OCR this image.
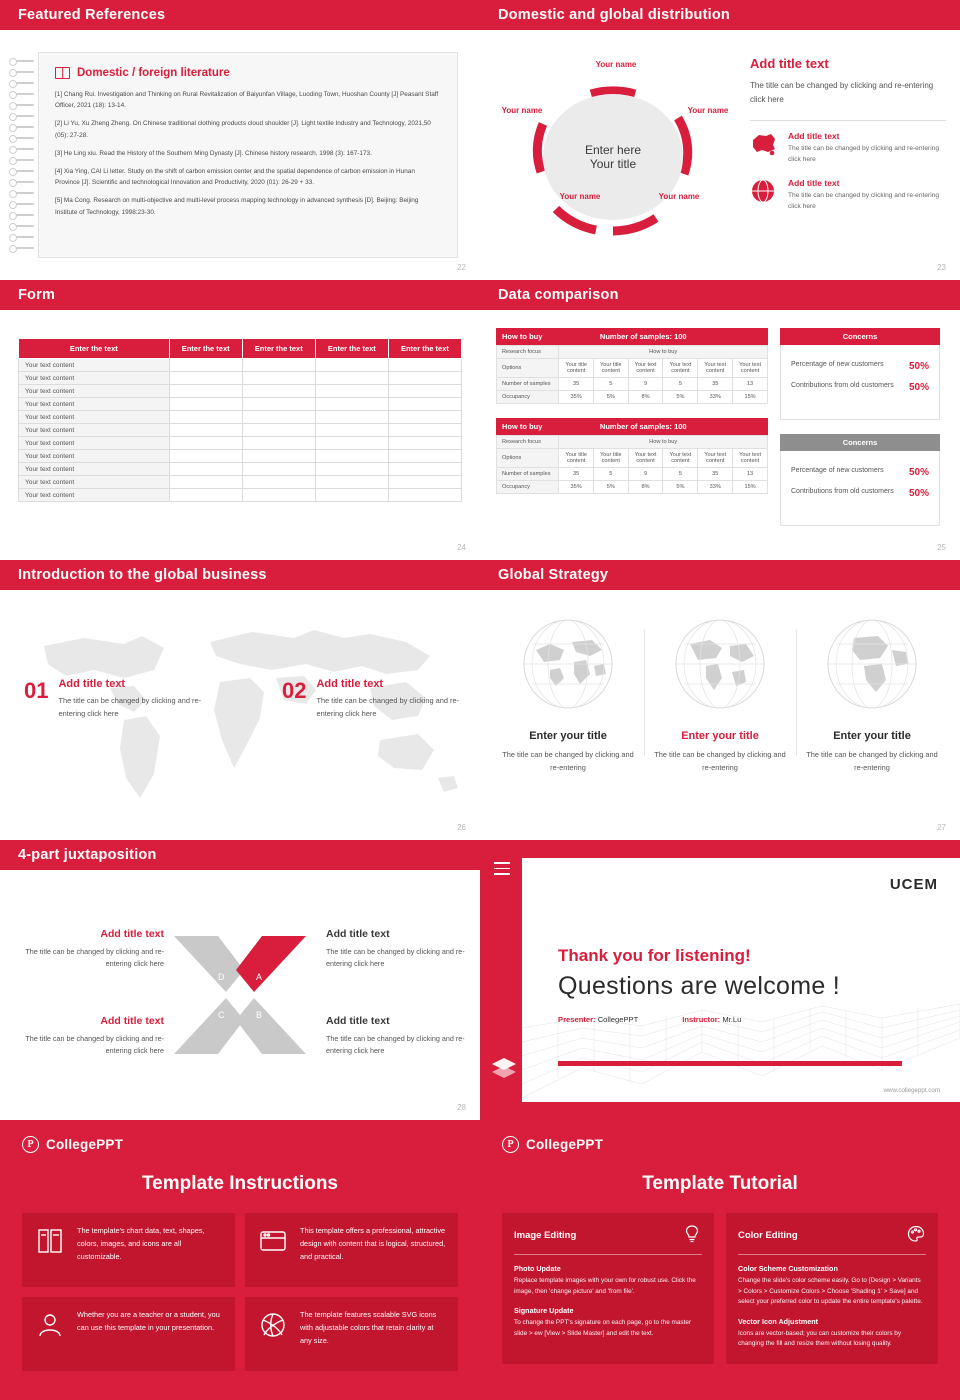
Featured References
Domestic / foreign literature
[1] Chang Rui. Investigation and Thinking on Rural Revitalization of Baiyunfan Village, Luoding Town, Huoshan County [J] Peasant Staff Officer, 2021 (18): 13-14.
[2] Li Yu, Xu Zheng Zheng. On Chinese traditional clothing products cloud shoulder [J]. Light textile Industry and Technology, 2021,50 (05): 27-28.
[3] He Ling xiu. Read the History of the Southern Ming Dynasty [J]. Chinese history research, 1998 (3): 167-173.
[4] Xia Ying, CAI Li letter. Study on the shift of carbon emission center and the spatial dependence of carbon emission in Hunan Province [J]. Scientific and technological Innovation and Productivity, 2020 (01): 26-29 + 33.
[5] Ma Cong. Research on multi-objective and multi-level process mapping technology in advanced synthesis [D]. Beijing: Beijing Institute of Technology, 1998:23-30.
22
Domestic and global distribution
Enter here
Your title
Your name
Your name
Your name
Your name
Your name
Add title text

The title can be changed by clicking and re-entering click here

Add title text

The title can be changed by clicking and re-entering click here

Add title text

The title can be changed by clicking and re-entering click here

23
Form
Enter the text	Enter the text	Enter the text	Enter the text	Enter the text
Your text content				
Your text content				
Your text content				
Your text content				
Your text content				
Your text content				
Your text content				
Your text content				
Your text content				
Your text content				
Your text content				
24
Data comparison
How to buy	Number of samples: 100
Research focus	How to buy					
Options	Your title content	Your title content	Your text content	Your text content	Your text content	Your text content
Number of samples	35	5	9	5	35	13
Occupancy	35%	5%	8%	5%	33%	15%
How to buy	Number of samples: 100
Research focus	How to buy					
Options	Your title content	Your title content	Your text content	Your text content	Your text content	Your text content
Number of samples	35	5	9	5	35	13
Occupancy	35%	5%	8%	5%	33%	15%
Concerns
Percentage of new customers	50%
Contributions from old customers 50%
Concerns
Percentage of new customers	50%
Contributions from old customers 50%
25
Introduction to the global business
01 Add title text

The title can be changed by clicking and re-entering click here

02 Add title text

The title can be changed by clicking and re-entering click here

26
Global Strategy
Enter your title

The title can be changed by clicking and re-entering

Enter your title

The title can be changed by clicking and re-entering

Enter your title

The title can be changed by clicking and re-entering

27
4-part juxtaposition
Add title text

The title can be changed by clicking and re-entering click here

Add title text

The title can be changed by clicking and re-entering click here

Add title text

The title can be changed by clicking and re-entering click here

Add title text

The title can be changed by clicking and re-entering click here

D	A
C	B
28
UCEM
Thank you for listening!
Questions are welcome !
Presenter: CollegePPT	Instructor: Mr.Lu
www.collegeppt.com
P CollegePPT
Template Instructions

The template's chart data, text, shapes, colors, images, and icons are all customizable.

This template offers a professional, attractive design with content that is logical, structured, and practical.

Whether you are a teacher or a student, you can use this template in your presentation.

The template features scalable SVG icons with adjustable colors that retain clarity at any size.

P CollegePPT
Template Tutorial
Image Editing
Photo Update

Replace template images with your own for robust use. Click the image, then 'change picture' and 'from file'.

Signature Update

To change the PPT's signature on each page, go to the master slide > ew [View > Slide Master] and edit the text.

Color Editing
Color Scheme Customization

Change the slide's color scheme easily. Go to [Design > Variants > Colors > Customize Colors > Choose 'Shading 1' > Save] and select your preferred color to update the entire template's palette.

Vector Icon Adjustment

Icons are vector-based; you can customize their colors by changing the fill and resize them without losing quality.
